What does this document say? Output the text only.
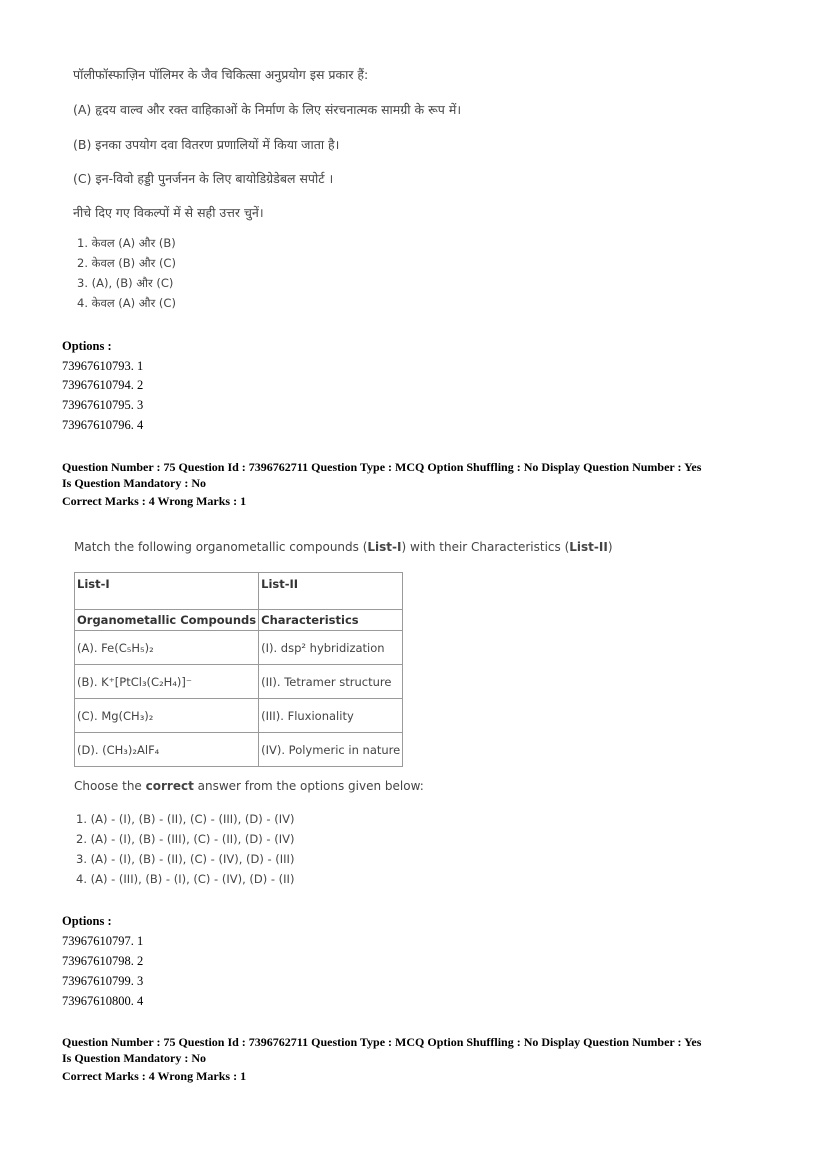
पॉलीफॉस्फाज़िन पॉलिमर के जैव चिकित्सा अनुप्रयोग इस प्रकार हैं:
(A) हृदय वाल्व और रक्त वाहिकाओं के निर्माण के लिए संरचनात्मक सामग्री के रूप में।
(B) इनका उपयोग दवा वितरण प्रणालियों में किया जाता है।
(C) इन-विवो हड्डी पुनर्जनन के लिए बायोडिग्रेडेबल सपोर्ट ।
नीचे दिए गए विकल्पों में से सही उत्तर चुनें।
1. केवल (A) और (B)
2. केवल (B) और (C)
3. (A), (B) और (C)
4. केवल (A) और (C)
Options :
73967610793. 1
73967610794. 2
73967610795. 3
73967610796. 4
Question Number : 75 Question Id : 7396762711 Question Type : MCQ Option Shuffling : No Display Question Number : Yes
Is Question Mandatory : No
Correct Marks : 4 Wrong Marks : 1
Match the following organometallic compounds (List-I) with their Characteristics (List-II)
List-I	List-II
Organometallic Compounds	Characteristics
(A). Fe(C₅H₅)₂	(I). dsp² hybridization
(B). K⁺[PtCl₃(C₂H₄)]⁻	(II). Tetramer structure
(C). Mg(CH₃)₂	(III). Fluxionality
(D). (CH₃)₂AlF₄	(IV). Polymeric in nature
Choose the correct answer from the options given below:
1. (A) - (I), (B) - (II), (C) - (III), (D) - (IV)
2. (A) - (I), (B) - (III), (C) - (II), (D) - (IV)
3. (A) - (I), (B) - (II), (C) - (IV), (D) - (III)
4. (A) - (III), (B) - (I), (C) - (IV), (D) - (II)
Options :
73967610797. 1
73967610798. 2
73967610799. 3
73967610800. 4
Question Number : 75 Question Id : 7396762711 Question Type : MCQ Option Shuffling : No Display Question Number : Yes
Is Question Mandatory : No
Correct Marks : 4 Wrong Marks : 1
